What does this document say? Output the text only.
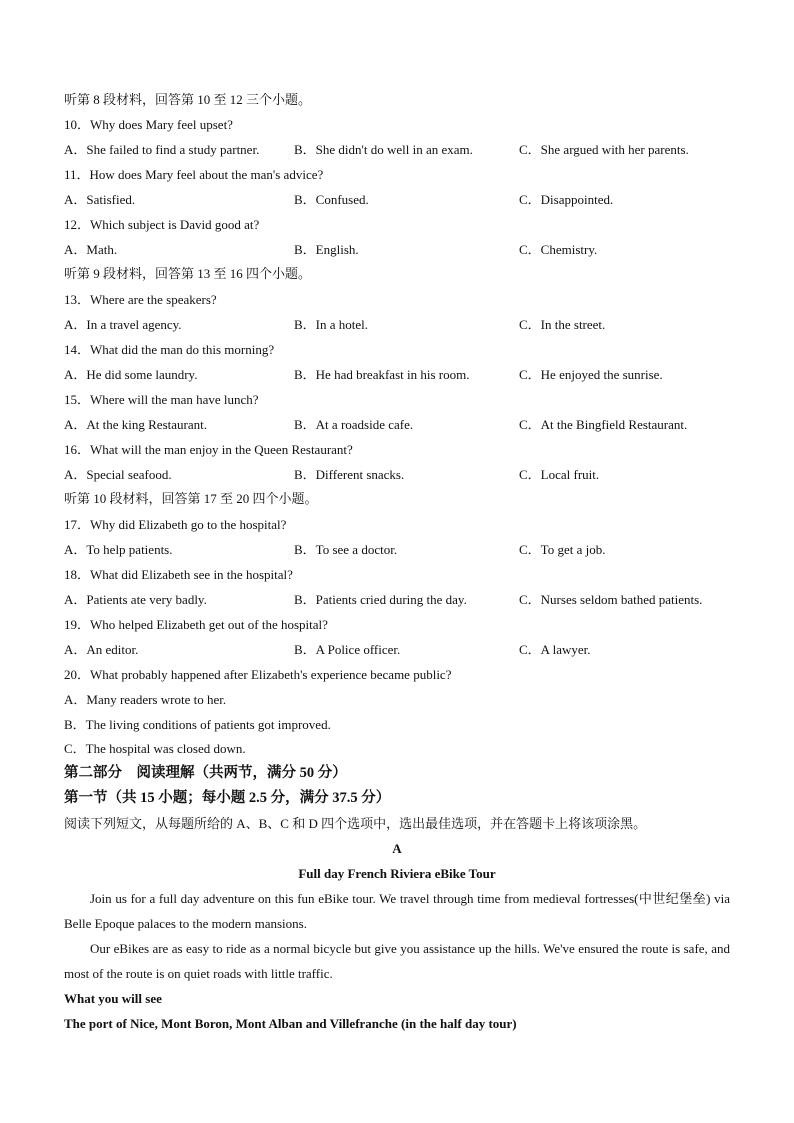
听第 8 段材料，回答第 10 至 12 三个小题。
10．Why does Mary feel upset?
A．She failed to find a study partner.	B．She didn't do well in an exam.	C．She argued with her parents.
11．How does Mary feel about the man's advice?
A．Satisfied.	B．Confused.	C．Disappointed.
12．Which subject is David good at?
A．Math.	B．English.	C．Chemistry.
听第 9 段材料，回答第 13 至 16 四个小题。
13．Where are the speakers?
A．In a travel agency.	B．In a hotel.	C．In the street.
14．What did the man do this morning?
A．He did some laundry.	B．He had breakfast in his room.	C．He enjoyed the sunrise.
15．Where will the man have lunch?
A．At the king Restaurant.	B．At a roadside cafe.	C．At the Bingfield Restaurant.
16．What will the man enjoy in the Queen Restaurant?
A．Special seafood.	B．Different snacks.	C．Local fruit.
听第 10 段材料，回答第 17 至 20 四个小题。
17．Why did Elizabeth go to the hospital?
A．To help patients.	B．To see a doctor.	C．To get a job.
18．What did Elizabeth see in the hospital?
A．Patients ate very badly.	B．Patients cried during the day.	C．Nurses seldom bathed patients.
19．Who helped Elizabeth get out of the hospital?
A．An editor.	B．A Police officer.	C．A lawyer.
20．What probably happened after Elizabeth's experience became public?
A．Many readers wrote to her.
B．The living conditions of patients got improved.
C．The hospital was closed down.
第二部分　阅读理解（共两节，满分 50 分）
第一节（共 15 小题；每小题 2.5 分，满分 37.5 分）
阅读下列短文，从每题所给的 A、B、C 和 D 四个选项中，选出最佳选项，并在答题卡上将该项涂黑。
A
Full day French Riviera eBike Tour
Join us for a full day adventure on this fun eBike tour. We travel through time from medieval fortresses(中世纪堡垒) via Belle Epoque palaces to the modern mansions.
Our eBikes are as easy to ride as a normal bicycle but give you assistance up the hills. We've ensured the route is safe, and most of the route is on quiet roads with little traffic.
What you will see
The port of Nice, Mont Boron, Mont Alban and Villefranche (in the half day tour)
